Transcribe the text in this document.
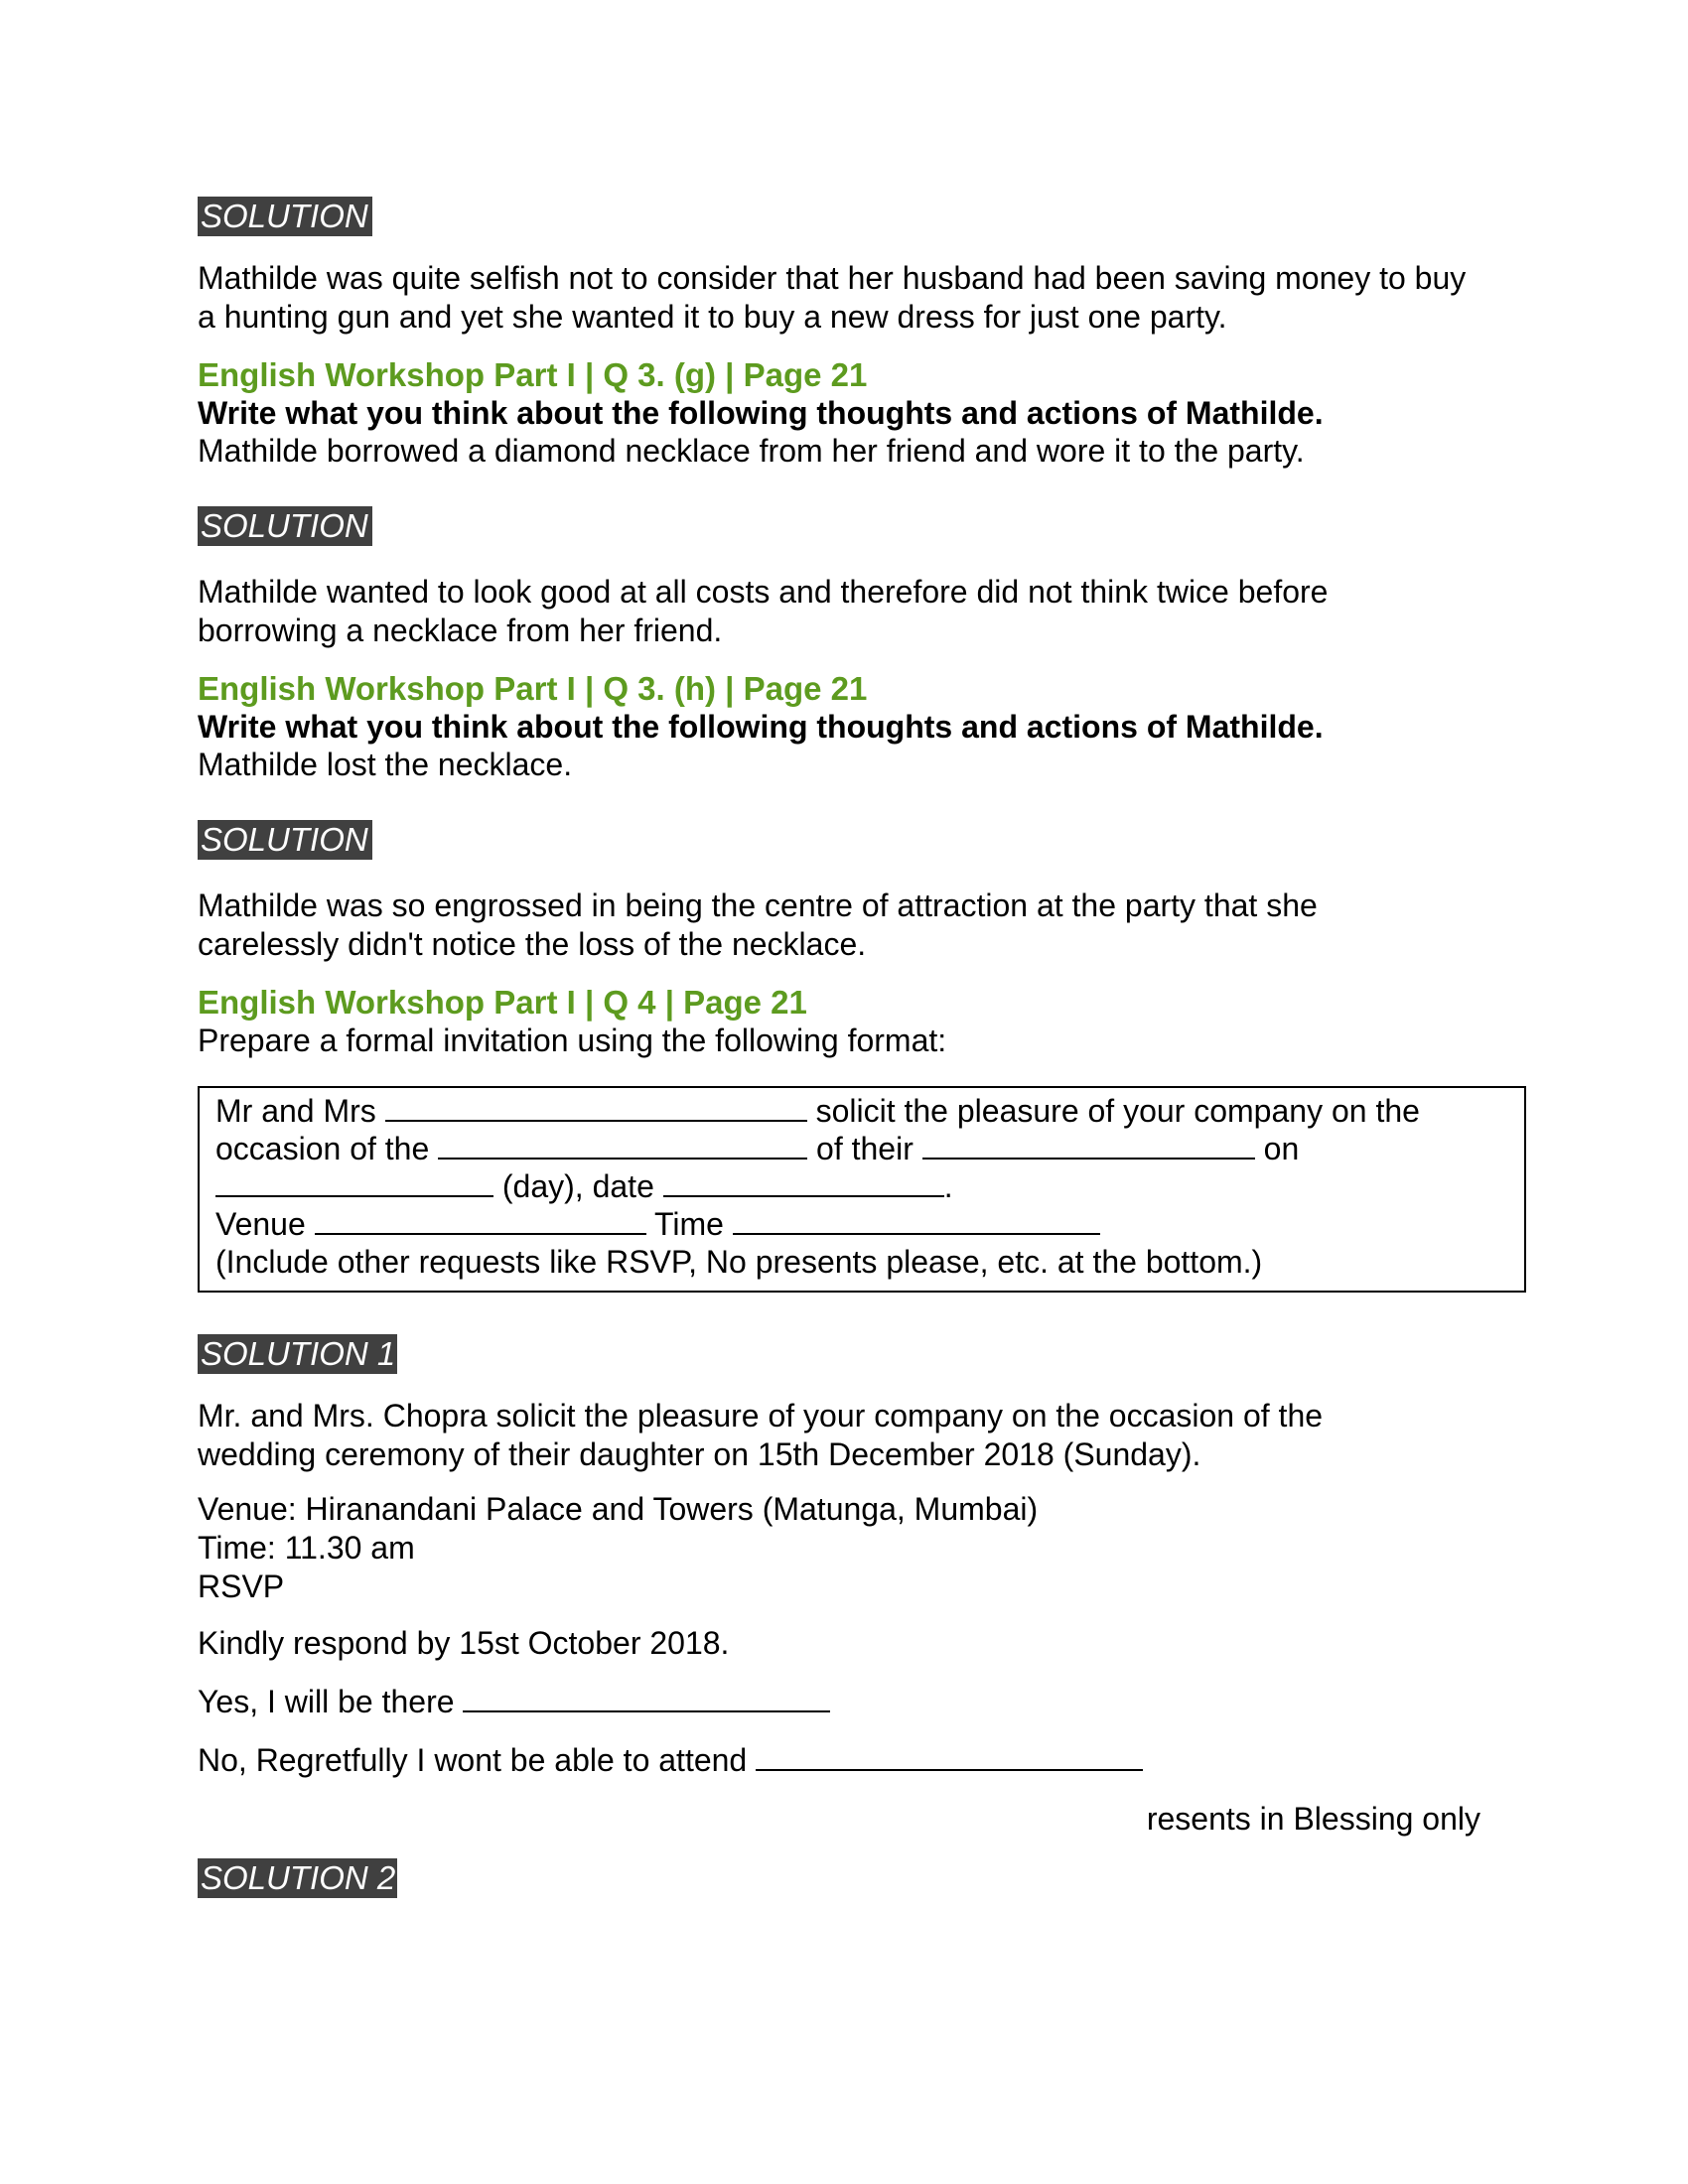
SOLUTION

Mathilde was quite selfish not to consider that her husband had been saving money to buy a hunting gun and yet she wanted it to buy a new dress for just one party.

English Workshop Part I | Q 3. (g) | Page 21

Write what you think about the following thoughts and actions of Mathilde.

Mathilde borrowed a diamond necklace from her friend and wore it to the party.

SOLUTION

Mathilde wanted to look good at all costs and therefore did not think twice before borrowing a necklace from her friend.

English Workshop Part I | Q 3. (h) | Page 21

Write what you think about the following thoughts and actions of Mathilde.

Mathilde lost the necklace.

SOLUTION

Mathilde was so engrossed in being the centre of attraction at the party that she carelessly didn't notice the loss of the necklace.

English Workshop Part I | Q 4 | Page 21

Prepare a formal invitation using the following format:

Mr and Mrs	solicit the pleasure of your company on the
occasion of the	of their	on
(day), date	.
Venue	Time
(Include other requests like RSVP, No presents please, etc. at the bottom.)
SOLUTION 1

Mr. and Mrs. Chopra solicit the pleasure of your company on the occasion of the wedding ceremony of their daughter on 15th December 2018 (Sunday).

Venue: Hiranandani Palace and Towers (Matunga, Mumbai)

Time: 11.30 am

RSVP

Kindly respond by 15st October 2018.

Yes, I will be there

No, Regretfully I wont be able to attend

resents in Blessing only

SOLUTION 2
